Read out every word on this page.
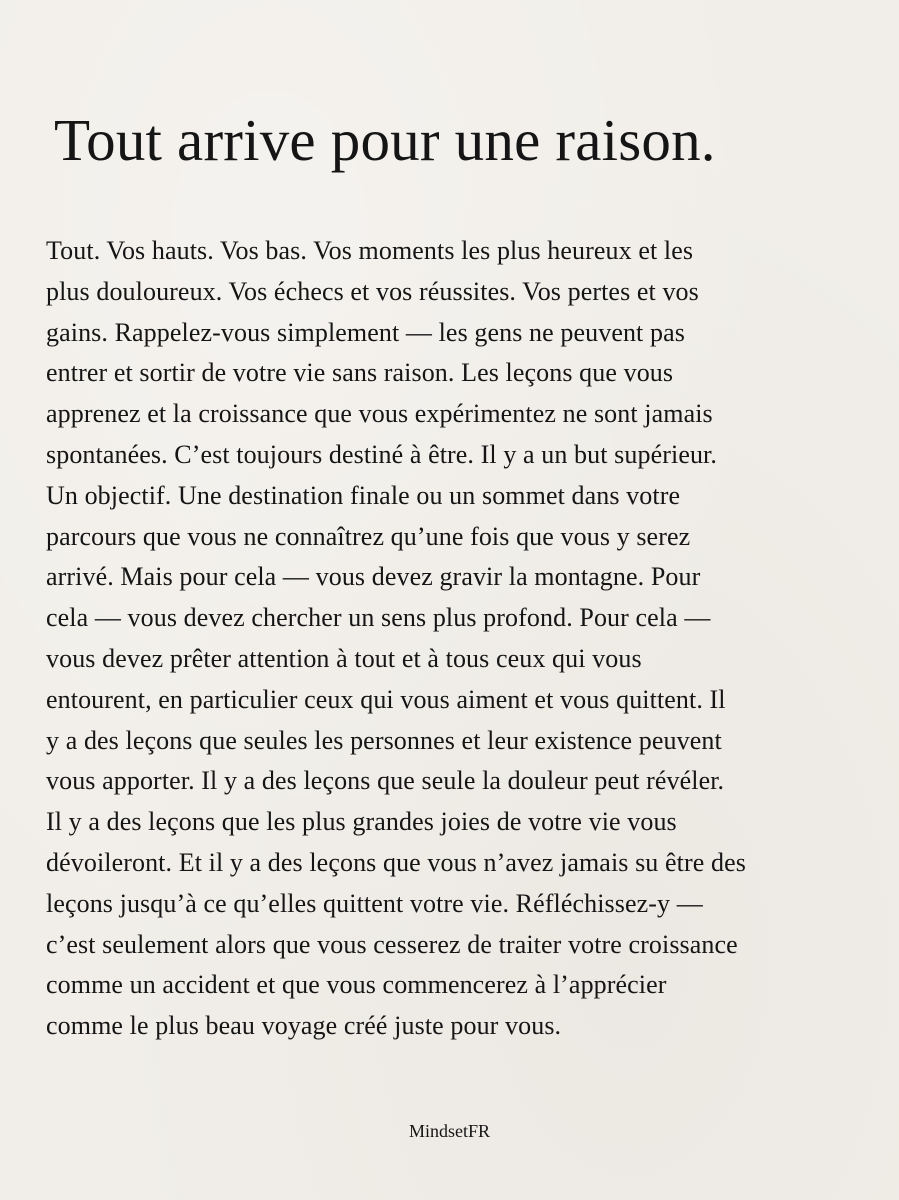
Tout arrive pour une raison.
Tout. Vos hauts. Vos bas. Vos moments les plus heureux et les
plus douloureux. Vos échecs et vos réussites. Vos pertes et vos
gains. Rappelez-vous simplement — les gens ne peuvent pas
entrer et sortir de votre vie sans raison. Les leçons que vous
apprenez et la croissance que vous expérimentez ne sont jamais
spontanées. C’est toujours destiné à être. Il y a un but supérieur.
Un objectif. Une destination finale ou un sommet dans votre
parcours que vous ne connaîtrez qu’une fois que vous y serez
arrivé. Mais pour cela — vous devez gravir la montagne. Pour
cela — vous devez chercher un sens plus profond. Pour cela —
vous devez prêter attention à tout et à tous ceux qui vous
entourent, en particulier ceux qui vous aiment et vous quittent. Il
y a des leçons que seules les personnes et leur existence peuvent
vous apporter. Il y a des leçons que seule la douleur peut révéler.
Il y a des leçons que les plus grandes joies de votre vie vous
dévoileront. Et il y a des leçons que vous n’avez jamais su être des
leçons jusqu’à ce qu’elles quittent votre vie. Réfléchissez-y —
c’est seulement alors que vous cesserez de traiter votre croissance
comme un accident et que vous commencerez à l’apprécier
comme le plus beau voyage créé juste pour vous.
MindsetFR
